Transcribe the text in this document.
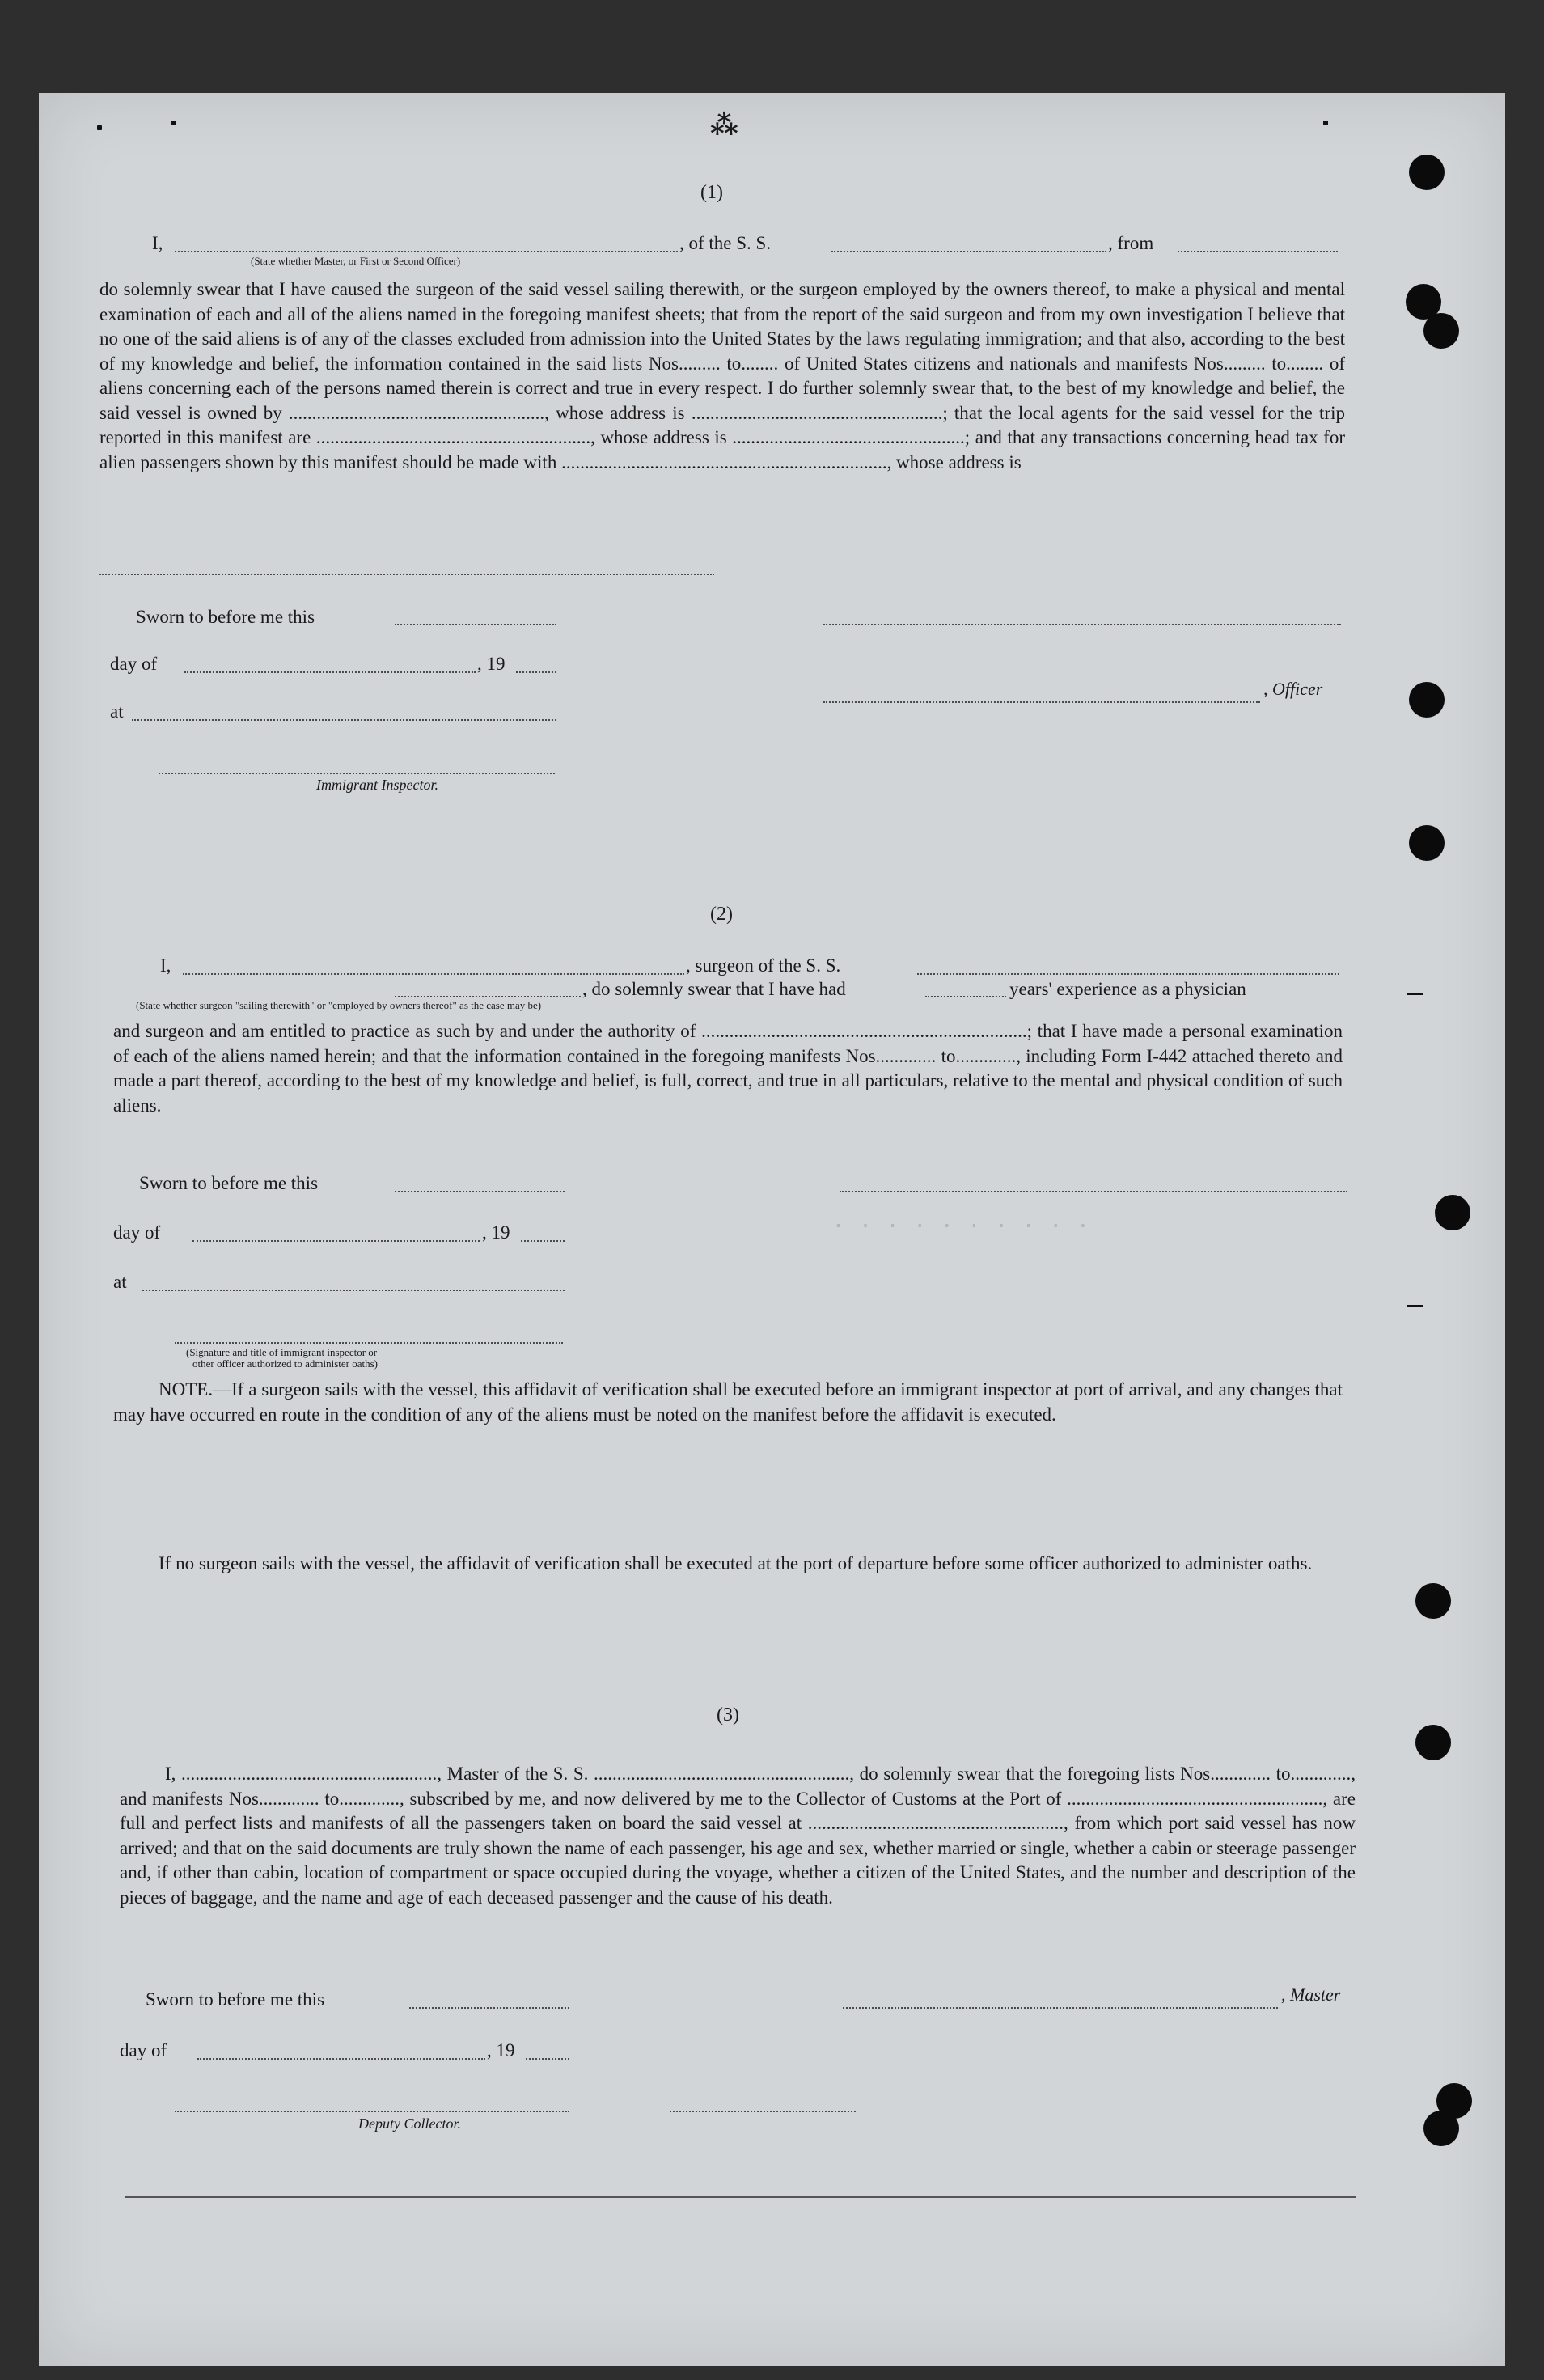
⁂
. . . . . . . . . .
(1)
I,	, of the S. S.	, from
(State whether Master, or First or Second Officer)

do solemnly swear that I have caused the surgeon of the said vessel sailing therewith, or the surgeon employed by the owners thereof, to make a physical and mental examination of each and all of the aliens named in the foregoing manifest sheets; that from the report of the said surgeon and from my own investigation I believe that no one of the said aliens is of any of the classes excluded from admission into the United States by the laws regulating immigration; and that also, according to the best of my knowledge and belief, the information contained in the said lists Nos......... to........ of United States citizens and nationals and manifests Nos......... to........ of aliens concerning each of the persons named therein is correct and true in every respect. I do further solemnly swear that, to the best of my knowledge and belief, the said vessel is owned by ......................................................., whose address is ......................................................; that the local agents for the said vessel for the trip reported in this manifest are ..........................................................., whose address is ..................................................; and that any transactions concerning head tax for alien passengers shown by this manifest should be made with ......................................................................, whose address is

Sworn to before me this
day of	, 19
, Officer
at
Immigrant Inspector.
(2)
I,	, surgeon of the S. S.
, do solemnly swear that I have had	years' experience as a physician
(State whether surgeon "sailing therewith" or "employed by owners thereof" as the case may be)

and surgeon and am entitled to practice as such by and under the authority of ......................................................................; that I have made a personal examination of each of the aliens named herein; and that the information contained in the foregoing manifests Nos............. to............., including Form I-442 attached thereto and made a part thereof, according to the best of my knowledge and belief, is full, correct, and true in all particulars, relative to the mental and physical condition of such aliens.

Sworn to before me this
day of	, 19
at
(Signature and title of immigrant inspector or
other officer authorized to administer oaths)

NOTE.—If a surgeon sails with the vessel, this affidavit of verification shall be executed before an immigrant inspector at port of arrival, and any changes that may have occurred en route in the condition of any of the aliens must be noted on the manifest before the affidavit is executed.

If no surgeon sails with the vessel, the affidavit of verification shall be executed at the port of departure before some officer authorized to administer oaths.

(3)

I, ......................................................., Master of the S. S. ......................................................., do solemnly swear that the foregoing lists Nos............. to............., and manifests Nos............. to............., subscribed by me, and now delivered by me to the Collector of Customs at the Port of ......................................................., are full and perfect lists and manifests of all the passengers taken on board the said vessel at ......................................................., from which port said vessel has now arrived; and that on the said documents are truly shown the name of each passenger, his age and sex, whether married or single, whether a cabin or steerage passenger and, if other than cabin, location of compartment or space occupied during the voyage, whether a citizen of the United States, and the number and description of the pieces of baggage, and the name and age of each deceased passenger and the cause of his death.

Sworn to before me this	, Master
day of	, 19
Deputy Collector.
